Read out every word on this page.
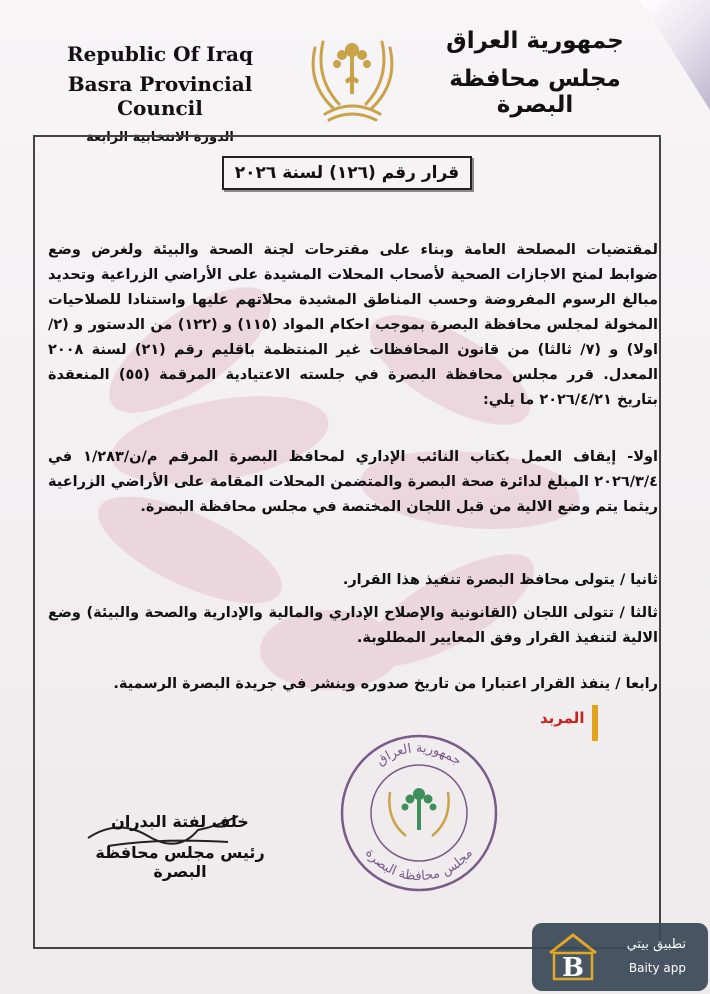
Republic Of Iraq
Basra Provincial Council
الدورة الانتخابية الرابعة
جمهورية العراق
مجلس محافظة البصرة
قرار رقم (١٢٦) لسنة ٢٠٢٦
لمقتضيات المصلحة العامة وبناء على مقترحات لجنة الصحة والبيئة ولغرض وضع ضوابط لمنح الاجازات الصحية لأصحاب المحلات المشيدة على الأراضي الزراعية وتحديد مبالغ الرسوم المفروضة وحسب المناطق المشيدة محلاتهم عليها واستنادا للصلاحيات المخولة لمجلس محافظة البصرة بموجب احكام المواد (١١٥) و (١٢٢) من الدستور و (٢/ اولا) و (٧/ ثالثا) من قانون المحافظات غير المنتظمة باقليم رقم (٢١) لسنة ٢٠٠٨ المعدل. قرر مجلس محافظة البصرة في جلسته الاعتيادية المرقمة (٥٥) المنعقدة بتاريخ ٢٠٢٦/٤/٢١ ما يلي:
اولا- إيقاف العمل بكتاب النائب الإداري لمحافظ البصرة المرقم م/ن/١/٢٨٣ في ٢٠٢٦/٣/٤ المبلغ لدائرة صحة البصرة والمتضمن المحلات المقامة على الأراضي الزراعية ريثما يتم وضع الالية من قبل اللجان المختصة في مجلس محافظة البصرة.
ثانيا / يتولى محافظ البصرة تنفيذ هذا القرار.
ثالثا / تتولى اللجان (القانونية والإصلاح الإداري والمالية والإدارية والصحة والبيئة) وضع الالية لتنفيذ القرار وفق المعايير المطلوبة.
رابعا / ينفذ القرار اعتبارا من تاريخ صدوره وينشر في جريدة البصرة الرسمية.
المربد
جمهورية العراق
مجلس محافظة البصرة
خلف لفتة البدران
رئيس مجلس محافظة البصرة
B
تطبيق بيتي
Baity app
